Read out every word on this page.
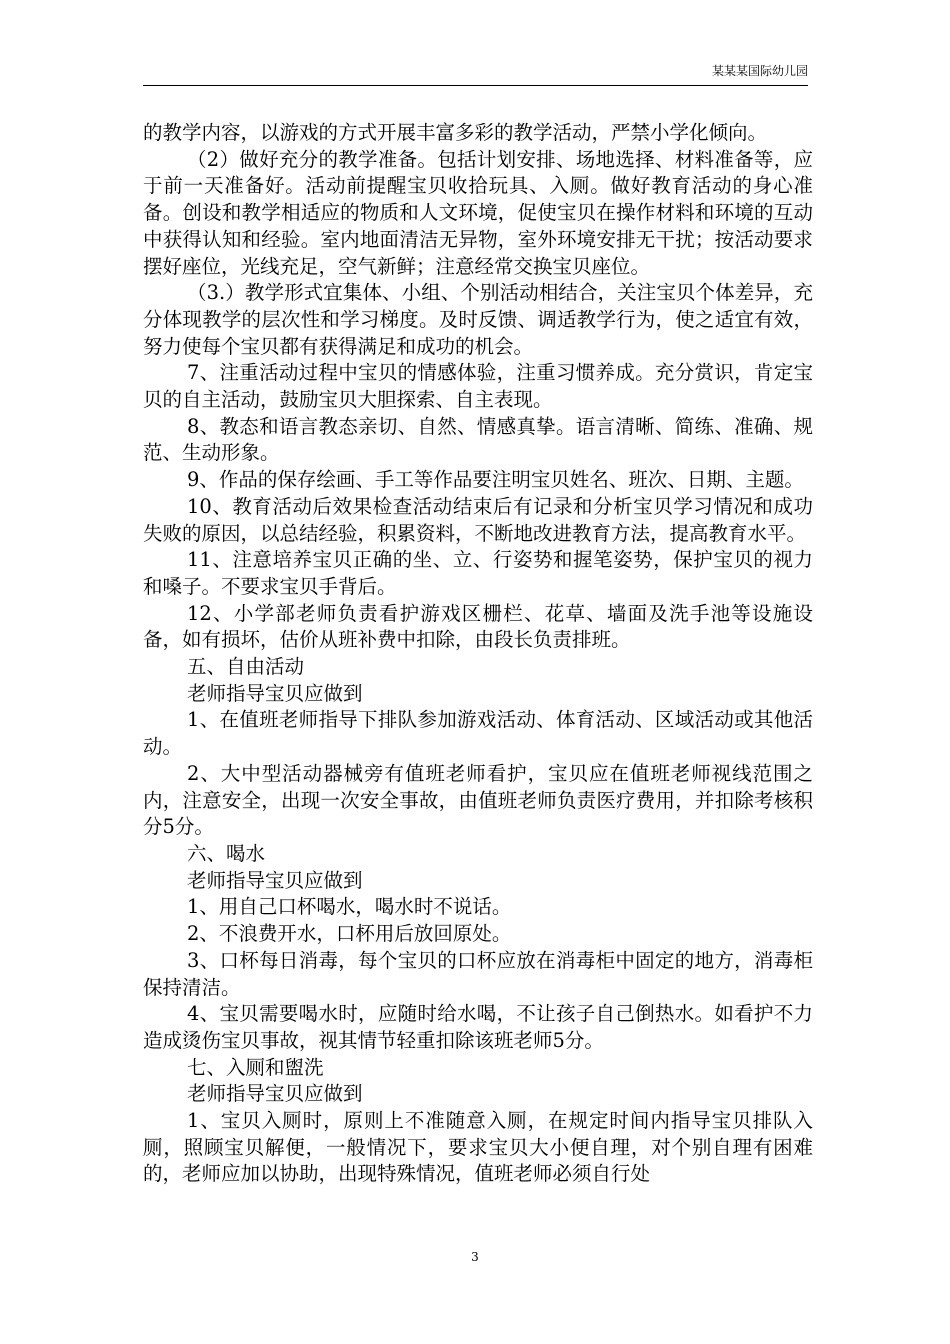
某某某国际幼儿园

的教学内容，以游戏的方式开展丰富多彩的教学活动，严禁小学化倾向。

（2）做好充分的教学准备。包括计划安排、场地选择、材料准备等，应于前一天准备好。活动前提醒宝贝收拾玩具、入厕。做好教育活动的身心准备。创设和教学相适应的物质和人文环境，促使宝贝在操作材料和环境的互动中获得认知和经验。室内地面清洁无异物，室外环境安排无干扰；按活动要求摆好座位，光线充足，空气新鲜；注意经常交换宝贝座位。

（3.）教学形式宜集体、小组、个别活动相结合，关注宝贝个体差异，充分体现教学的层次性和学习梯度。及时反馈、调适教学行为，使之适宜有效，努力使每个宝贝都有获得满足和成功的机会。

7、注重活动过程中宝贝的情感体验，注重习惯养成。充分赏识，肯定宝贝的自主活动，鼓励宝贝大胆探索、自主表现。

8、教态和语言教态亲切、自然、情感真挚。语言清晰、简练、准确、规范、生动形象。

9、作品的保存绘画、手工等作品要注明宝贝姓名、班次、日期、主题。

10、教育活动后效果检查活动结束后有记录和分析宝贝学习情况和成功失败的原因，以总结经验，积累资料，不断地改进教育方法，提高教育水平。

11、注意培养宝贝正确的坐、立、行姿势和握笔姿势，保护宝贝的视力和嗓子。不要求宝贝手背后。

12、小学部老师负责看护游戏区栅栏、花草、墙面及洗手池等设施设备，如有损坏，估价从班补费中扣除，由段长负责排班。

五、自由活动

老师指导宝贝应做到

1、在值班老师指导下排队参加游戏活动、体育活动、区域活动或其他活动。

2、大中型活动器械旁有值班老师看护，宝贝应在值班老师视线范围之内，注意安全，出现一次安全事故，由值班老师负责医疗费用，并扣除考核积分5分。

六、喝水

老师指导宝贝应做到

1、用自己口杯喝水，喝水时不说话。

2、不浪费开水，口杯用后放回原处。

3、口杯每日消毒，每个宝贝的口杯应放在消毒柜中固定的地方，消毒柜保持清洁。

4、宝贝需要喝水时，应随时给水喝，不让孩子自己倒热水。如看护不力造成烫伤宝贝事故，视其情节轻重扣除该班老师5分。

七、入厕和盥洗

老师指导宝贝应做到

1、宝贝入厕时，原则上不准随意入厕，在规定时间内指导宝贝排队入厕，照顾宝贝解便，一般情况下，要求宝贝大小便自理，对个别自理有困难的，老师应加以协助，出现特殊情况，值班老师必须自行处

3
